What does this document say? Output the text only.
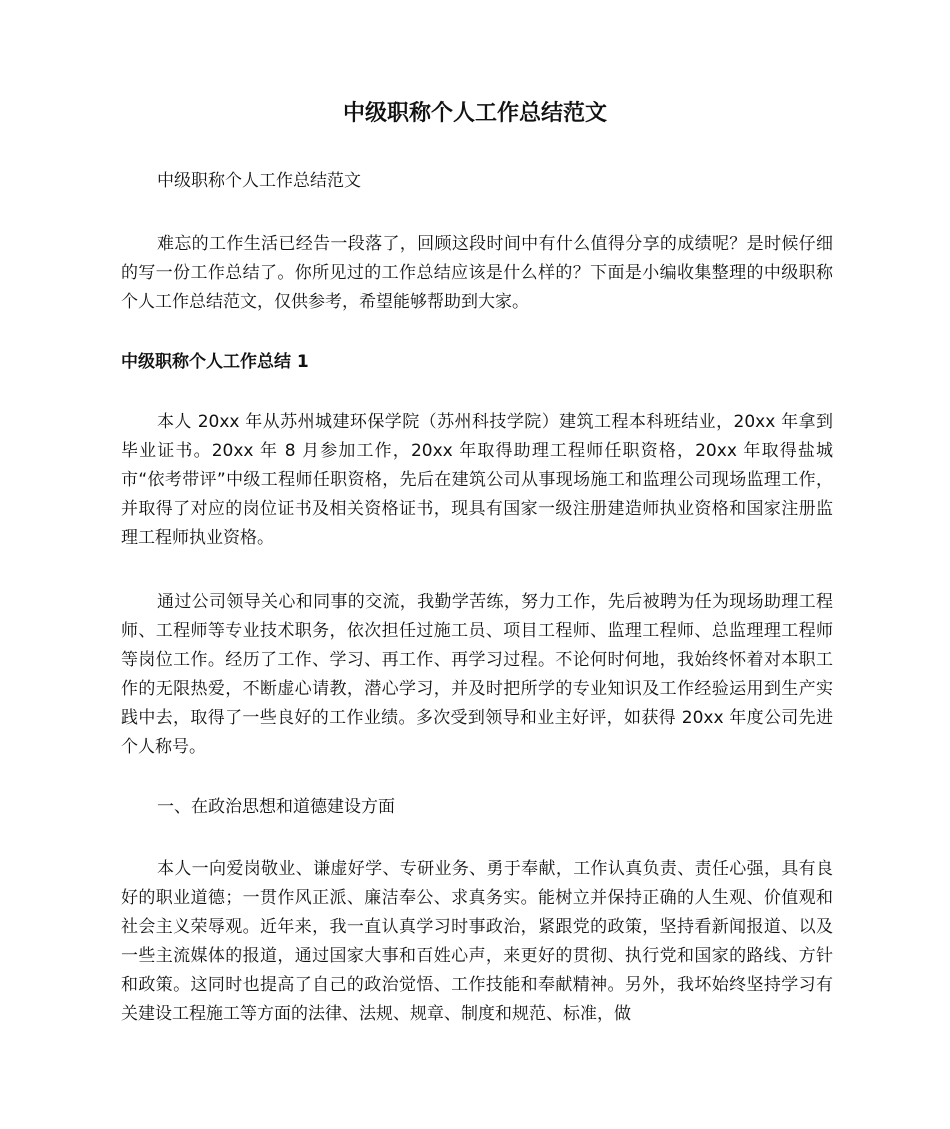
中级职称个人工作总结范文

中级职称个人工作总结范文

难忘的工作生活已经告一段落了，回顾这段时间中有什么值得分享的成绩呢？是时候仔细的写一份工作总结了。你所见过的工作总结应该是什么样的？下面是小编收集整理的中级职称个人工作总结范文，仅供参考，希望能够帮助到大家。

中级职称个人工作总结 1

本人 20xx 年从苏州城建环保学院（苏州科技学院）建筑工程本科班结业，20xx 年拿到毕业证书。20xx 年 8 月参加工作，20xx 年取得助理工程师任职资格，20xx 年取得盐城市“依考带评”中级工程师任职资格，先后在建筑公司从事现场施工和监理公司现场监理工作，并取得了对应的岗位证书及相关资格证书，现具有国家一级注册建造师执业资格和国家注册监理工程师执业资格。

通过公司领导关心和同事的交流，我勤学苦练，努力工作，先后被聘为任为现场助理工程师、工程师等专业技术职务，依次担任过施工员、项目工程师、监理工程师、总监理理工程师等岗位工作。经历了工作、学习、再工作、再学习过程。不论何时何地，我始终怀着对本职工作的无限热爱，不断虚心请教，潜心学习，并及时把所学的专业知识及工作经验运用到生产实践中去，取得了一些良好的工作业绩。多次受到领导和业主好评，如获得 20xx 年度公司先进个人称号。

一、在政治思想和道德建设方面

本人一向爱岗敬业、谦虚好学、专研业务、勇于奉献，工作认真负责、责任心强，具有良好的职业道德；一贯作风正派、廉洁奉公、求真务实。能树立并保持正确的人生观、价值观和社会主义荣辱观。近年来，我一直认真学习时事政治，紧跟党的政策，坚持看新闻报道、以及一些主流媒体的报道，通过国家大事和百姓心声，来更好的贯彻、执行党和国家的路线、方针和政策。这同时也提高了自己的政治觉悟、工作技能和奉献精神。另外，我坏始终坚持学习有关建设工程施工等方面的法律、法规、规章、制度和规范、标准，做
